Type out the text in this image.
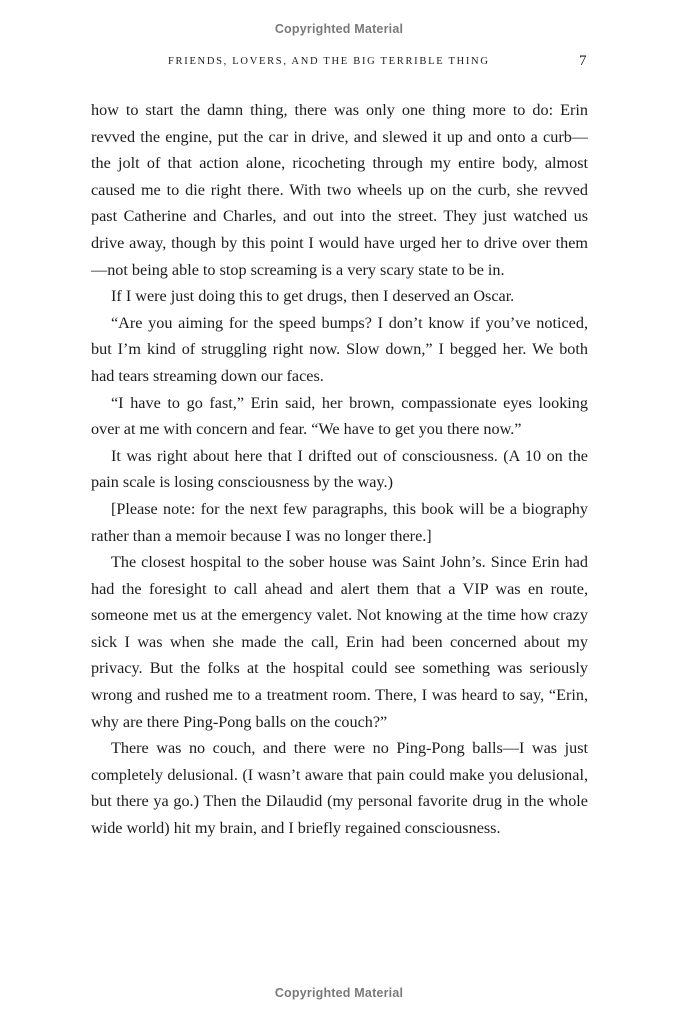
Copyrighted Material
FRIENDS, LOVERS, AND THE BIG TERRIBLE THING	7

how to start the damn thing, there was only one thing more to do: Erin revved the engine, put the car in drive, and slewed it up and onto a curb—the jolt of that action alone, ricocheting through my entire body, almost caused me to die right there. With two wheels up on the curb, she revved past Catherine and Charles, and out into the street. They just watched us drive away, though by this point I would have urged her to drive over them—not being able to stop screaming is a very scary state to be in.

If I were just doing this to get drugs, then I deserved an Oscar.

“Are you aiming for the speed bumps? I don’t know if you’ve noticed, but I’m kind of struggling right now. Slow down,” I begged her. We both had tears streaming down our faces.

“I have to go fast,” Erin said, her brown, compassionate eyes looking over at me with concern and fear. “We have to get you there now.”

It was right about here that I drifted out of consciousness. (A 10 on the pain scale is losing consciousness by the way.)

[Please note: for the next few paragraphs, this book will be a biography rather than a memoir because I was no longer there.]

The closest hospital to the sober house was Saint John’s. Since Erin had had the foresight to call ahead and alert them that a VIP was en route, someone met us at the emergency valet. Not knowing at the time how crazy sick I was when she made the call, Erin had been concerned about my privacy. But the folks at the hospital could see something was seriously wrong and rushed me to a treatment room. There, I was heard to say, “Erin, why are there Ping-Pong balls on the couch?”

There was no couch, and there were no Ping-Pong balls—I was just completely delusional. (I wasn’t aware that pain could make you delusional, but there ya go.) Then the Dilaudid (my personal favorite drug in the whole wide world) hit my brain, and I briefly regained consciousness.

Copyrighted Material
